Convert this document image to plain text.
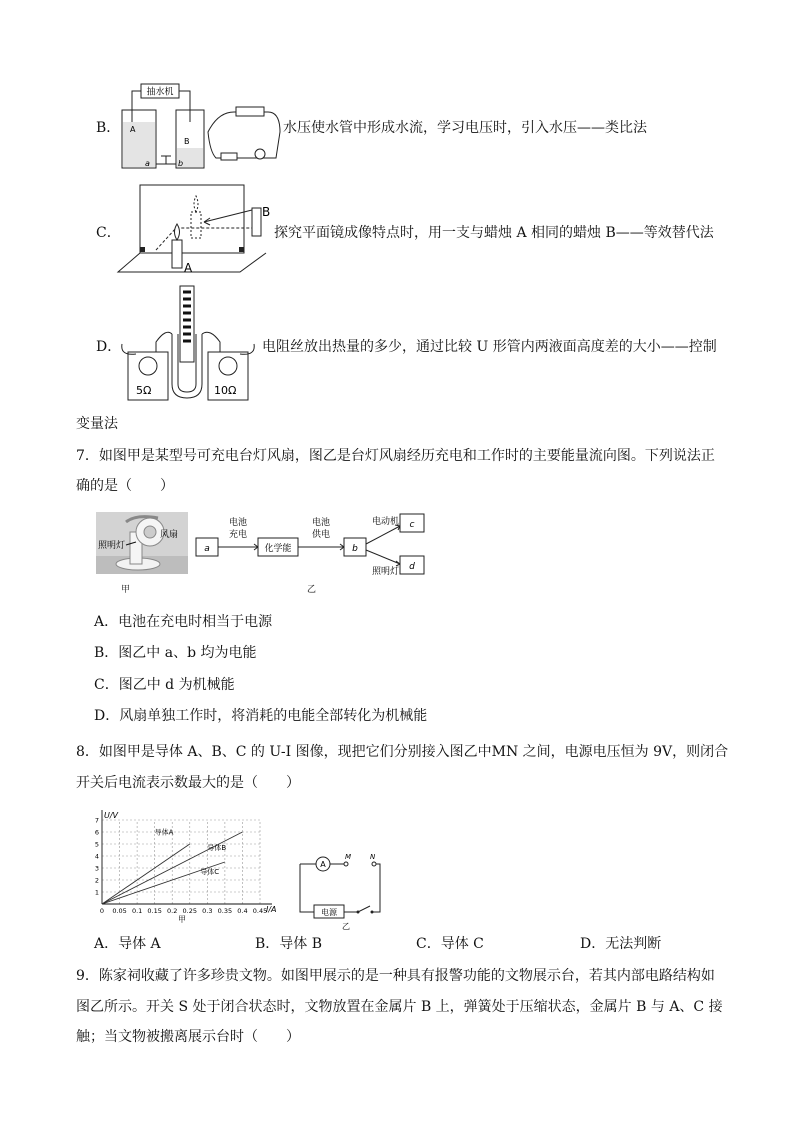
B．
抽水机
A
a	b
B
水压使水管中形成水流，学习电压时，引入水压——类比法
C．
A
B
探究平面镜成像特点时，用一支与蜡烛 A 相同的蜡烛 B——等效替代法
D．
5Ω	10Ω
电阻丝放出热量的多少，通过比较 U 形管内两液面高度差的大小——控制
变量法
7．如图甲是某型号可充电台灯风扇，图乙是台灯风扇经历充电和工作时的主要能量流向图。下列说法正
确的是（　　）
照明灯
风扇
甲
a
电池
充电
化学能
电池
供电
b
电动机
照明灯
c
d
乙
A．电池在充电时相当于电源
B．图乙中 a、b 均为电能
C．图乙中 d 为机械能
D．风扇单独工作时，将消耗的电能全部转化为机械能
8．如图甲是导体 A、B、C 的 U-I 图像，现把它们分别接入图乙中MN 之间，电源电压恒为 9V，则闭合
开关后电流表示数最大的是（　　）
导体A
导体B
导体C
0 0.05 0.1 0.15 0.2 0.25 0.3 0.35 0.4 0.45
1
2
3
4
5
6
7
U/V
I/A
甲
A
M	N
电源
乙
A．导体 A	B．导体 B	C．导体 C	D．无法判断
9．陈家祠收藏了许多珍贵文物。如图甲展示的是一种具有报警功能的文物展示台，若其内部电路结构如
图乙所示。开关 S 处于闭合状态时，文物放置在金属片 B 上，弹簧处于压缩状态，金属片 B 与 A、C 接
触；当文物被搬离展示台时（　　）
